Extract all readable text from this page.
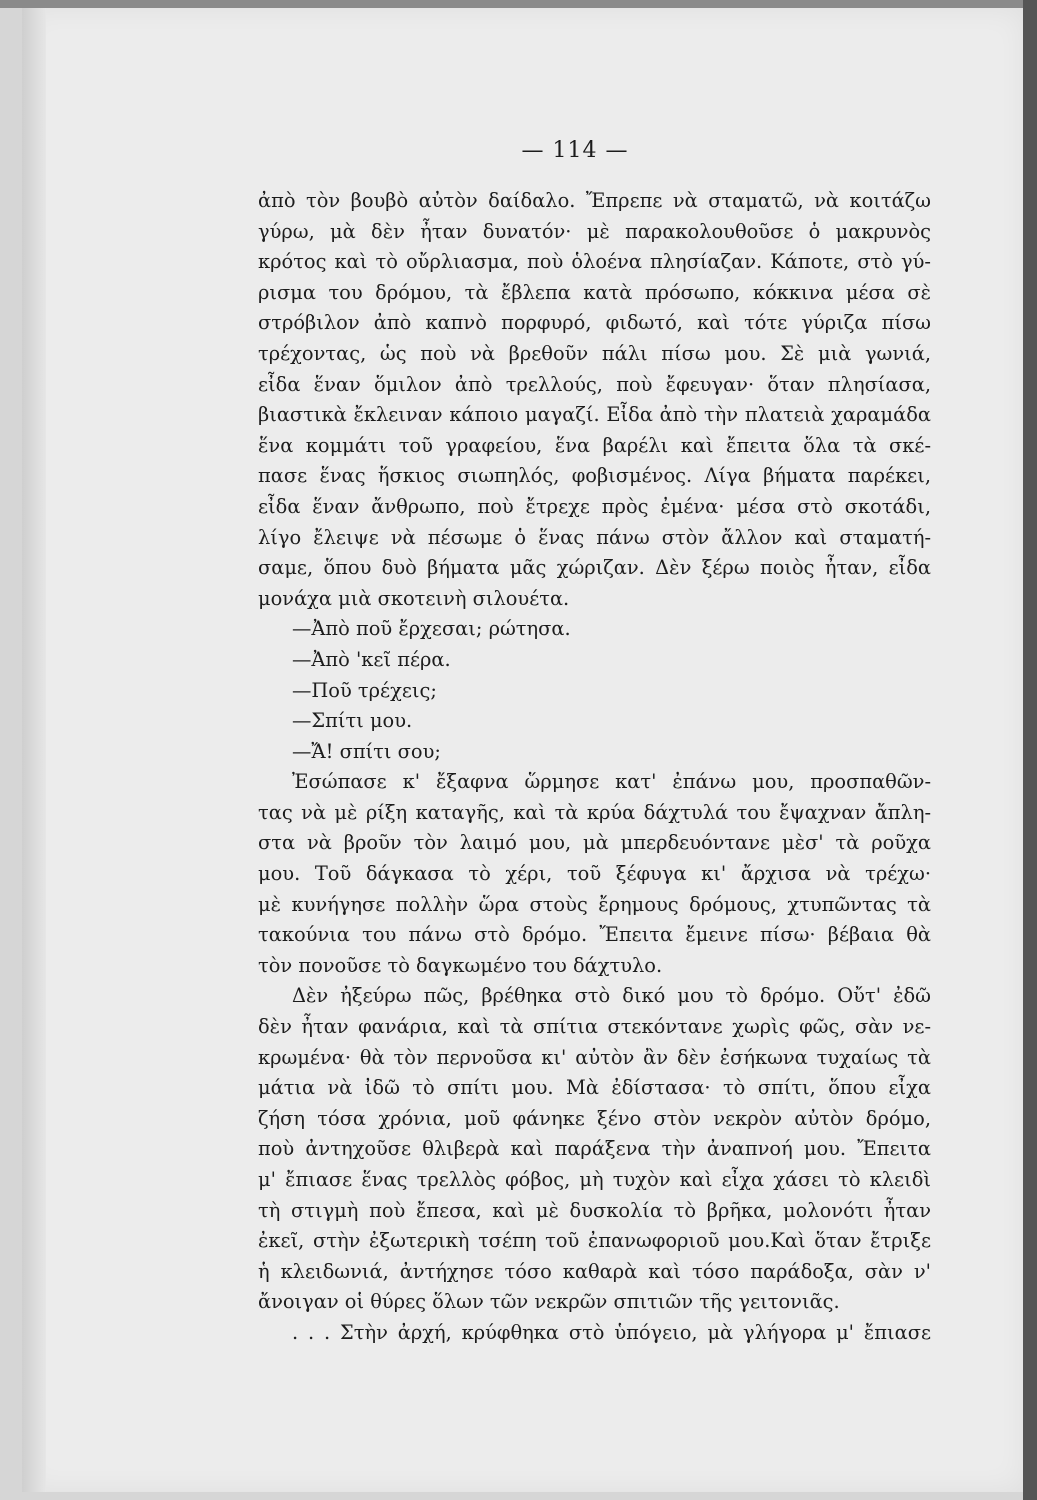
— 114 —
ἀπὸ τὸν βουβὸ αὐτὸν δαίδαλο. Ἔπρεπε νὰ σταματῶ, νὰ κοιτάζω
γύρω, μὰ δὲν ἦταν δυνατόν· μὲ παρακολουθοῦσε ὁ μακρυνὸς
κρότος καὶ τὸ οὔρλιασμα, ποὺ ὁλοένα πλησίαζαν. Κάποτε, στὸ γύ-
ρισμα του δρόμου, τὰ ἔβλεπα κατὰ πρόσωπο, κόκκινα μέσα σὲ
στρόβιλον ἀπὸ καπνὸ πορφυρό, φιδωτό, καὶ τότε γύριζα πίσω
τρέχοντας, ὡς ποὺ νὰ βρεθοῦν πάλι πίσω μου. Σὲ μιὰ γωνιά,
εἶδα ἕναν ὅμιλον ἀπὸ τρελλούς, ποὺ ἔφευγαν· ὅταν πλησίασα,
βιαστικὰ ἔκλειναν κάποιο μαγαζί. Εἶδα ἀπὸ τὴν πλατειὰ χαραμάδα
ἕνα κομμάτι τοῦ γραφείου, ἕνα βαρέλι καὶ ἔπειτα ὅλα τὰ σκέ-
πασε ἕνας ἥσκιος σιωπηλός, φοβισμένος. Λίγα βήματα παρέκει,
εἶδα ἕναν ἄνθρωπο, ποὺ ἔτρεχε πρὸς ἐμένα· μέσα στὸ σκοτάδι,
λίγο ἔλειψε νὰ πέσωμε ὁ ἕνας πάνω στὸν ἄλλον καὶ σταματή-
σαμε, ὅπου δυὸ βήματα μᾶς χώριζαν. Δὲν ξέρω ποιὸς ἦταν, εἶδα
μονάχα μιὰ σκοτεινὴ σιλουέτα.
—Ἀπὸ ποῦ ἔρχεσαι; ρώτησα.
—Ἀπὸ 'κεῖ πέρα.
—Ποῦ τρέχεις;
—Σπίτι μου.
—Ἄ! σπίτι σου;
Ἐσώπασε κ' ἔξαφνα ὥρμησε κατ' ἐπάνω μου, προσπαθῶν-
τας νὰ μὲ ρίξη καταγῆς, καὶ τὰ κρύα δάχτυλά του ἔψαχναν ἄπλη-
στα νὰ βροῦν τὸν λαιμό μου, μὰ μπερδευόντανε μὲσ' τὰ ροῦχα
μου. Τοῦ δάγκασα τὸ χέρι, τοῦ ξέφυγα κι' ἄρχισα νὰ τρέχω·
μὲ κυνήγησε πολλὴν ὥρα στοὺς ἔρημους δρόμους, χτυπῶντας τὰ
τακούνια του πάνω στὸ δρόμο. Ἔπειτα ἔμεινε πίσω· βέβαια θὰ
τὸν πονοῦσε τὸ δαγκωμένο του δάχτυλο.
Δὲν ἠξεύρω πῶς, βρέθηκα στὸ δικό μου τὸ δρόμο. Οὔτ' ἐδῶ
δὲν ἦταν φανάρια, καὶ τὰ σπίτια στεκόντανε χωρὶς φῶς, σὰν νε-
κρωμένα· θὰ τὸν περνοῦσα κι' αὐτὸν ἂν δὲν ἐσήκωνα τυχαίως τὰ
μάτια νὰ ἰδῶ τὸ σπίτι μου. Μὰ ἐδίστασα· τὸ σπίτι, ὅπου εἶχα
ζήση τόσα χρόνια, μοῦ φάνηκε ξένο στὸν νεκρὸν αὐτὸν δρόμο,
ποὺ ἀντηχοῦσε θλιβερὰ καὶ παράξενα τὴν ἀναπνοή μου. Ἔπειτα
μ' ἔπιασε ἕνας τρελλὸς φόβος, μὴ τυχὸν καὶ εἶχα χάσει τὸ κλειδὶ
τὴ στιγμὴ ποὺ ἔπεσα, καὶ μὲ δυσκολία τὸ βρῆκα, μολονότι ἦταν
ἐκεῖ, στὴν ἐξωτερικὴ τσέπη τοῦ ἐπανωφοριοῦ μου.Καὶ ὅταν ἔτριξε
ἡ κλειδωνιά, ἀντήχησε τόσο καθαρὰ καὶ τόσο παράδοξα, σὰν ν'
ἄνοιγαν οἱ θύρες ὅλων τῶν νεκρῶν σπιτιῶν τῆς γειτονιᾶς.
. . . Στὴν ἀρχή, κρύφθηκα στὸ ὑπόγειο, μὰ γλήγορα μ' ἔπιασε
